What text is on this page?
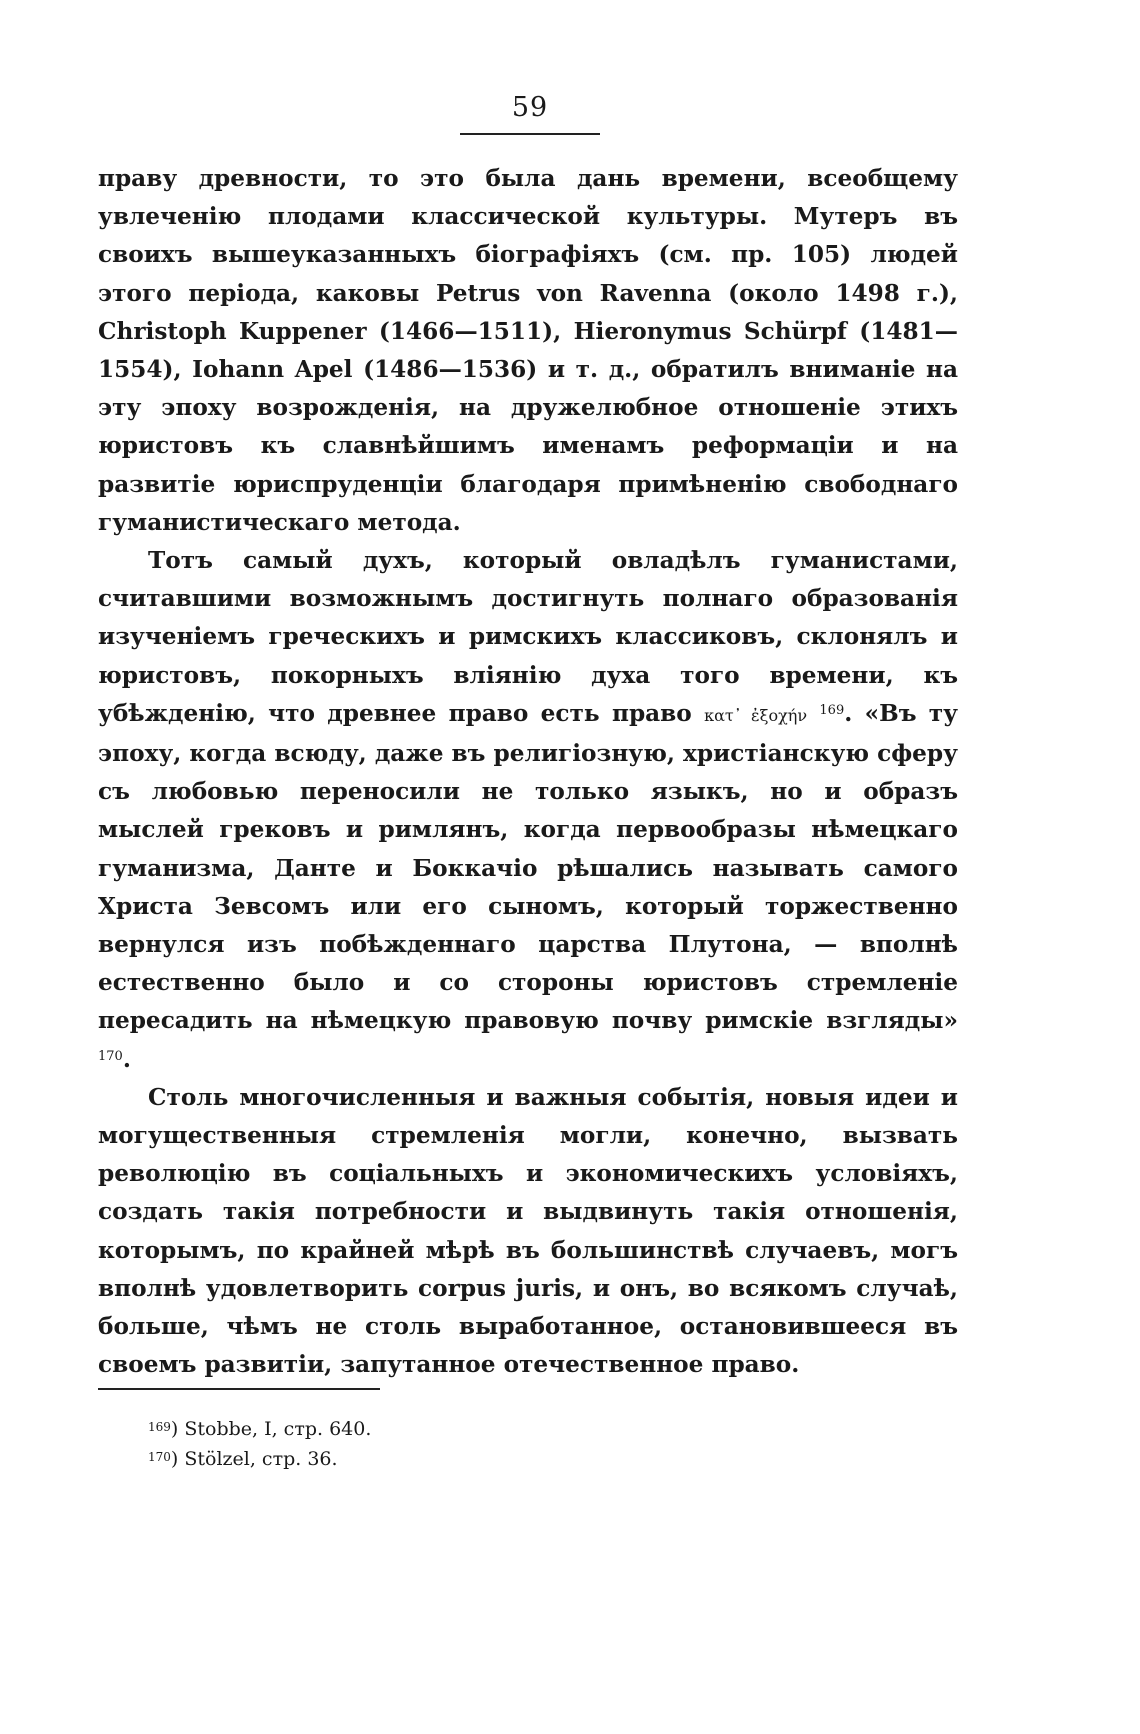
59

праву древности, то это была дань времени, всеобщему увлеченію плодами классической культуры. Мутеръ въ своихъ вышеуказанныхъ біографіяхъ (см. пр. 105) людей этого періода, каковы Petrus von Ravenna (около 1498 г.), Christoph Kuppener (1466—1511), Hieronymus Schürpf (1481—1554), Iohann Apel (1486—1536) и т. д., обратилъ вниманіе на эту эпоху возрожденія, на дружелюбное отношеніе этихъ юристовъ къ славнѣйшимъ именамъ реформаціи и на развитіе юриспруденціи благодаря примѣненію свободнаго гуманистическаго метода.

Тотъ самый духъ, который овладѣлъ гуманистами, считавшими возможнымъ достигнуть полнаго образованія изученіемъ греческихъ и римскихъ классиковъ, склонялъ и юристовъ, покорныхъ вліянію духа того времени, къ убѣжденію, что древнее право есть право κατ᾽ ἐξοχήν $^{169}$. «Въ ту эпоху, когда всюду, даже въ религіозную, христіанскую сферу съ любовью переносили не только языкъ, но и образъ мыслей грековъ и римлянъ, когда первообразы нѣмецкаго гуманизма, Данте и Боккачіо рѣшались называть самого Христа Зевсомъ или его сыномъ, который торжественно вернулся изъ побѣжденнаго царства Плутона, — вполнѣ естественно было и со стороны юристовъ стремленіе пересадить на нѣмецкую правовую почву римскіе взгляды» $^{170}$.

Столь многочисленныя и важныя событія, новыя идеи и могущественныя стремленія могли, конечно, вызвать революцію въ соціальныхъ и экономическихъ условіяхъ, создать такія потребности и выдвинуть такія отношенія, которымъ, по крайней мѣрѣ въ большинствѣ случаевъ, могъ вполнѣ удовлетворить corpus juris, и онъ, во всякомъ случаѣ, больше, чѣмъ не столь выработанное, остановившееся въ своемъ развитіи, запутанное отечественное право.

$^{169}$) Stobbe, I, стр. 640.

$^{170}$) Stölzel, стр. 36.
